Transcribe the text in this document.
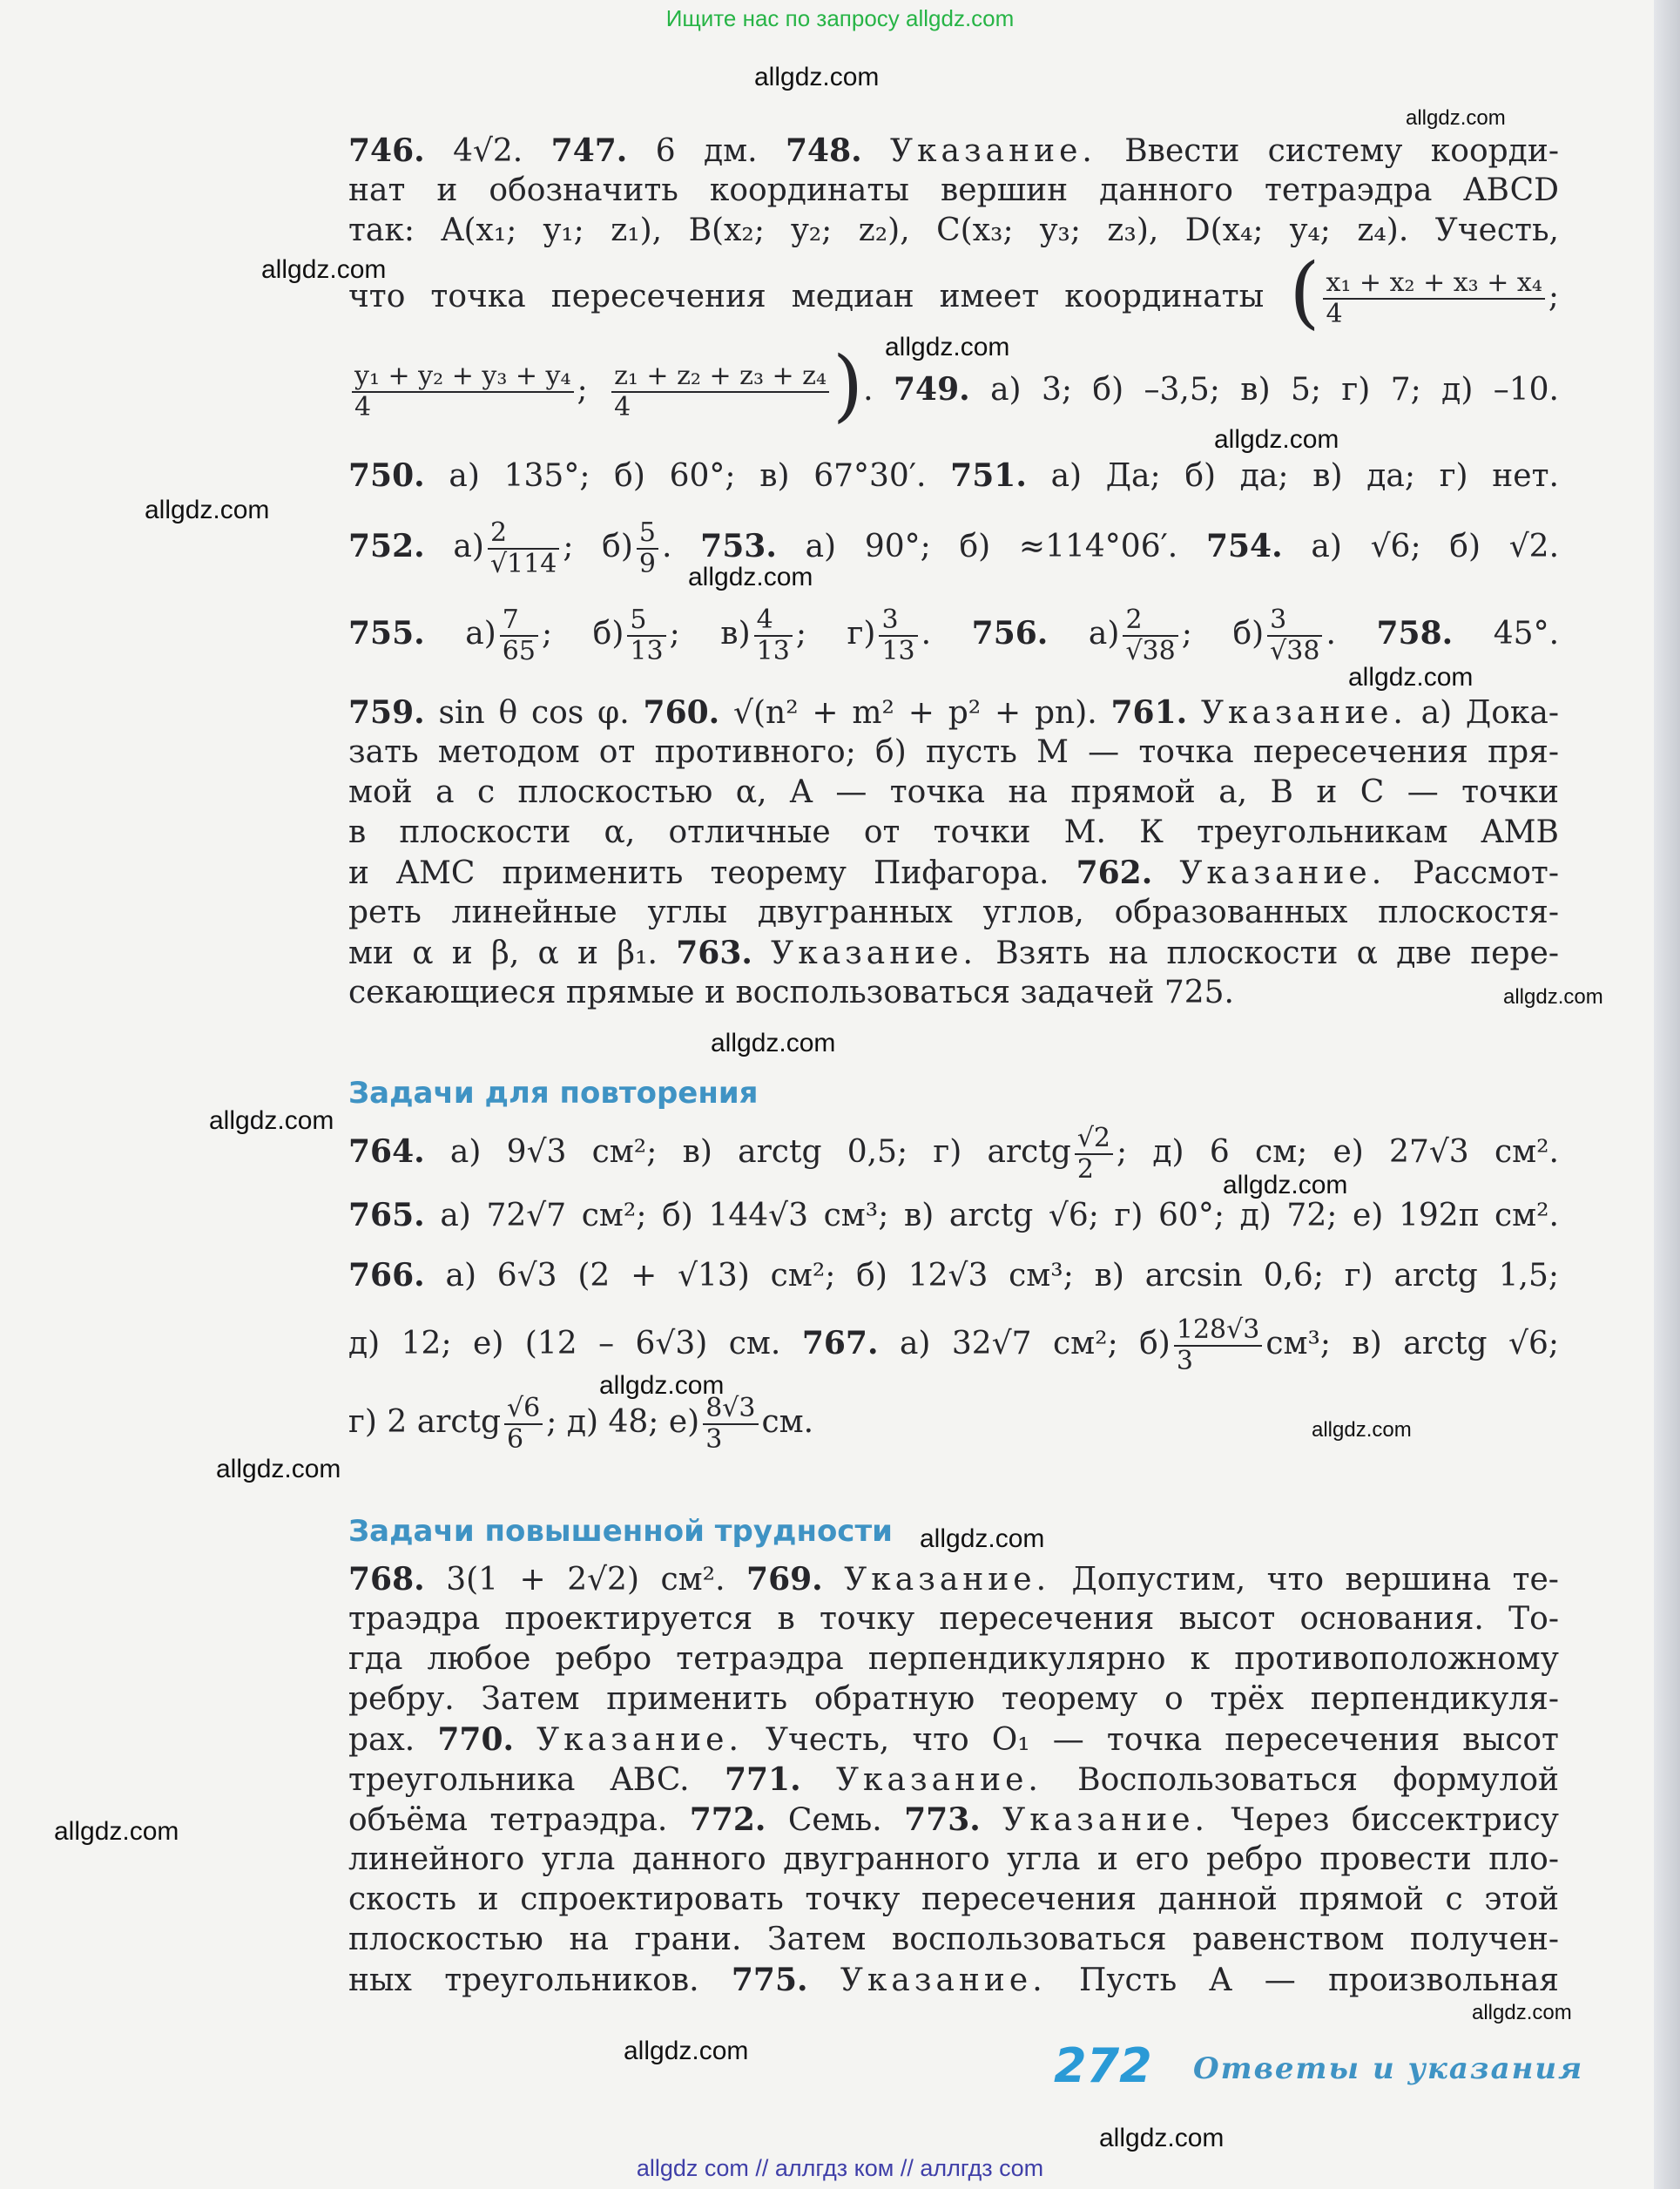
Ищите нас по запросу allgdz.com
allgdz.com
allgdz.com
allgdz.com
allgdz.com
allgdz.com
allgdz.com
allgdz.com
allgdz.com
allgdz.com
allgdz.com
allgdz.com
allgdz.com
allgdz.com
allgdz.com
allgdz.com
allgdz.com
allgdz.com
allgdz.com
allgdz.com
allgdz.com
746. 4√2. 747. 6 дм. 748. Указание. Ввести систему коорди-
нат и обозначить координаты вершин данного тетраэдра ABCD
так: A(x₁; y₁; z₁), B(x₂; y₂; z₂), C(x₃; y₃; z₃), D(x₄; y₄; z₄). Учесть,
что точка пересечения медиан имеет координаты ( $\frac{\text{x₁ + x₂ + x₃ + x₄}}{4}$ ;
$\frac{\text{y₁ + y₂ + y₃ + y₄}}{4}$ ; $\frac{\text{z₁ + z₂ + z₃ + z₄}}{4}$ ). 749. а) 3; б) –3,5; в) 5; г) 7; д) –10.
750. а) 135°; б) 60°; в) 67°30′. 751. а) Да; б) да; в) да; г) нет.
752. $а) \frac{2}{√114}$ ; $б) \frac{5}{9}$ . 753. а) 90°; б) ≈114°06′. 754. а) √6; б) √2.
755. $а) \frac{7}{65}$ ; $б) \frac{5}{13}$ ; $в) \frac{4}{13}$ ; $г) \frac{3}{13}$ . 756. $а) \frac{2}{√38}$ ; $б) \frac{3}{√38}$ . 758. 45°.
759. sin θ cos φ. 760. √(n² + m² + p² + pn). 761. Указание. а) Дока-
зать методом от противного; б) пусть M — точка пересечения пря-
мой a с плоскостью α, A — точка на прямой a, B и C — точки
в плоскости α, отличные от точки M. К треугольникам AMB
и AMC применить теорему Пифагора. 762. Указание. Рассмот-
реть линейные углы двугранных углов, образованных плоскостя-
ми α и β, α и β₁. 763. Указание. Взять на плоскости α две пере-
секающиеся прямые и воспользоваться задачей 725.
Задачи для повторения
764. а) 9√3 см²; в) arctg 0,5; г) arctg $\frac{√2}{2}$ ; д) 6 см; е) 27√3 см².
765. а) 72√7 см²; б) 144√3 см³; в) arctg √6; г) 60°; д) 72; е) 192π см².
766. а) 6√3 (2 + √13) см²; б) 12√3 см³; в) arcsin 0,6; г) arctg 1,5;
д) 12; е) (12 – 6√3) см. 767. а) 32√7 см²; $б) \frac{128√3}{3} см^3$; в) arctg √6;
г) 2 arctg $\frac{√6}{6}$ ; д) 48; $е) \frac{8√3}{3}$ см.
Задачи повышенной трудности
768. 3(1 + 2√2) см². 769. Указание. Допустим, что вершина те-
траэдра проектируется в точку пересечения высот основания. То-
гда любое ребро тетраэдра перпендикулярно к противоположному
ребру. Затем применить обратную теорему о трёх перпендикуля-
рах. 770. Указание. Учесть, что O₁ — точка пересечения высот
треугольника ABC. 771. Указание. Воспользоваться формулой
объёма тетраэдра. 772. Семь. 773. Указание. Через биссектрису
линейного угла данного двугранного угла и его ребро провести пло-
скость и спроектировать точку пересечения данной прямой с этой
плоскостью на грани. Затем воспользоваться равенством получен-
ных треугольников. 775. Указание. Пусть A — произвольная
272 Ответы и указания
allgdz com // аллгдз ком // аллгдз com
